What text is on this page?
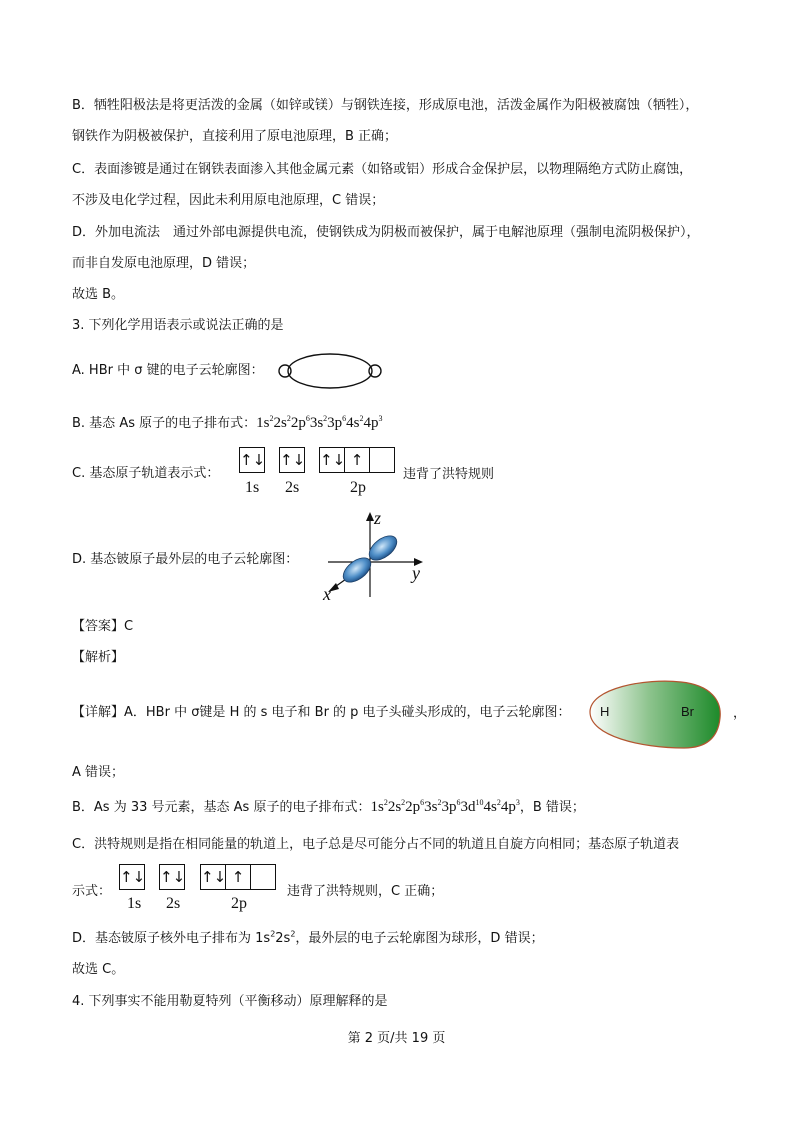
B．牺牲阳极法是将更活泼的金属（如锌或镁）与钢铁连接，形成原电池，活泼金属作为阳极被腐蚀（牺牲），
钢铁作为阴极被保护，直接利用了原电池原理，B 正确；
C．表面渗镀是通过在钢铁表面渗入其他金属元素（如铬或铝）形成合金保护层，以物理隔绝方式防止腐蚀，
不涉及电化学过程，因此未利用原电池原理，C 错误；
D．外加电流法　通过外部电源提供电流，使钢铁成为阴极而被保护，属于电解池原理（强制电流阴极保护），
而非自发原电池原理，D 错误；
故选 B。
3. 下列化学用语表示或说法正确的是
A. HBr 中 σ 键的电子云轮廓图：
B. 基态 As 原子的电子排布式：$1s^22s^22p^63s^23p^64s^24p^3$
C. 基态原子轨道表示式：
↑↓ ↑↓ ↑↓ ↑
1s 2s	2p
违背了洪特规则
D. 基态铍原子最外层的电子云轮廓图：
z
y
x
【答案】C
【解析】
【详解】A．HBr 中 σ键是 H 的 s 电子和 Br 的 p 电子头碰头形成的，电子云轮廓图： H	Br	，
A 错误；
B．As 为 33 号元素，基态 As 原子的电子排布式：$1s^22s^22p^63s^23p^63d^{10}4s^24p^3$，B 错误；
C．洪特规则是指在相同能量的轨道上，电子总是尽可能分占不同的轨道且自旋方向相同；基态原子轨道表
示式：
↑↓ ↑↓ ↑↓ ↑
1s 2s	2p
违背了洪特规则，C 正确；
D．基态铍原子核外电子排布为 $1s^22s^2$，最外层的电子云轮廓图为球形，D 错误；
故选 C。
4. 下列事实不能用勒夏特列（平衡移动）原理解释的是
第 2 页/共 19 页
